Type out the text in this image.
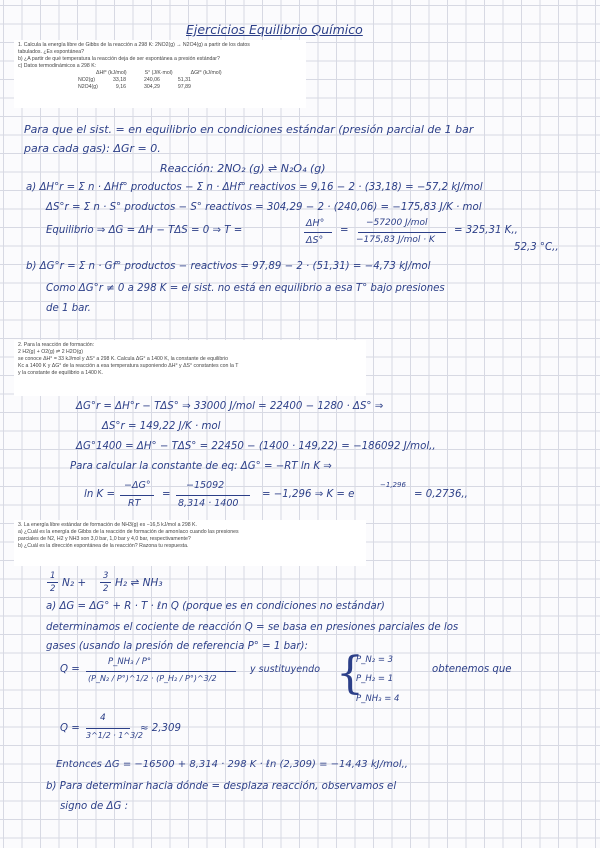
Ejercicios Equilibrio Químico
1. Calcula la energía libre de Gibbs de la reacción a 298 K: 2NO2(g) → N2O4(g) a partir de los datos
tabulados. ¿Es espontánea?
b) ¿A partir de qué temperatura la reacción deja de ser espontánea a presión estándar?
c) Datos termodinámicos a 298 K:
ΔHf° (kJ/mol)	S° (J/K·mol)	ΔGf° (kJ/mol)
NO2(g)	33,18	240,06	51,31
N2O4(g)	9,16	304,29	97,89
Para que el sist. = en equilibrio en condiciones estándar (presión parcial de 1 bar
para cada gas): ΔGr = 0.
Reacción: 2NO₂ (g) ⇌ N₂O₄ (g)
a) ΔH°r = Σ n · ΔHf° productos − Σ n · ΔHf° reactivos = 9,16 − 2 · (33,18) = −57,2 kJ/mol
ΔS°r = Σ n · S° productos − S° reactivos = 304,29 − 2 · (240,06) = −175,83 J/K · mol
Equilibrio ⇒ ΔG = ΔH − TΔS = 0 ⇒ T =
ΔH°
ΔS°
=
−57200 J/mol
−175,83 J/mol · K
= 325,31 K,,
52,3 °C,,
b) ΔG°r = Σ n · Gf° productos − reactivos = 97,89 − 2 · (51,31) = −4,73 kJ/mol
Como ΔG°r ≠ 0 a 298 K = el sist. no está en equilibrio a esa T° bajo presiones
de 1 bar.
2. Para la reacción de formación:
2 H2(g) + O2(g) ⇌ 2 H2O(g)
se conoce ΔH° = 33 kJ/mol y ΔS° a 298 K. Calcula ΔG° a 1400 K, la constante de equilibrio
Kc a 1400 K y ΔG° de la reacción a esa temperatura suponiendo ΔH° y ΔS° constantes con la T
y la constante de equilibrio a 1400 K.
ΔG°r = ΔH°r − TΔS° ⇒ 33000 J/mol = 22400 − 1280 · ΔS° ⇒
ΔS°r = 149,22 J/K · mol
ΔG°1400 = ΔH° − TΔS° = 22450 − (1400 · 149,22) = −186092 J/mol,,
Para calcular la constante de eq: ΔG° = −RT ln K ⇒
ln K =
−ΔG°
RT
=
−15092
8,314 · 1400
= −1,296 ⇒ K = e
−1,296
= 0,2736,,
3. La energía libre estándar de formación de NH3(g) es −16,5 kJ/mol a 298 K.
a) ¿Cuál es la energía de Gibbs de la reacción de formación de amoníaco cuando las presiones
parciales de N2, H2 y NH3 son 3,0 bar, 1,0 bar y 4,0 bar, respectivamente?
b) ¿Cuál es la dirección espontánea de la reacción? Razona tu respuesta.
1
2 N₂ +
3
2 H₂ ⇌ NH₃
a) ΔG = ΔG° + R · T · ℓn Q (porque es en condiciones no estándar)
determinamos el cociente de reacción Q = se basa en presiones parciales de los
gases (usando la presión de referencia P° = 1 bar):
Q =
P_NH₃ / P°
(P_N₂ / P°)^1/2 · (P_H₂ / P°)^3/2
y sustituyendo {
P_N₂ = 3
P_H₂ = 1
P_NH₃ = 4
obtenemos que
Q =
4
3^1/2 · 1^3/2
≈ 2,309
Entonces ΔG = −16500 + 8,314 · 298 K · ℓn (2,309) = −14,43 kJ/mol,,
b) Para determinar hacia dónde = desplaza reacción, observamos el
signo de ΔG :
